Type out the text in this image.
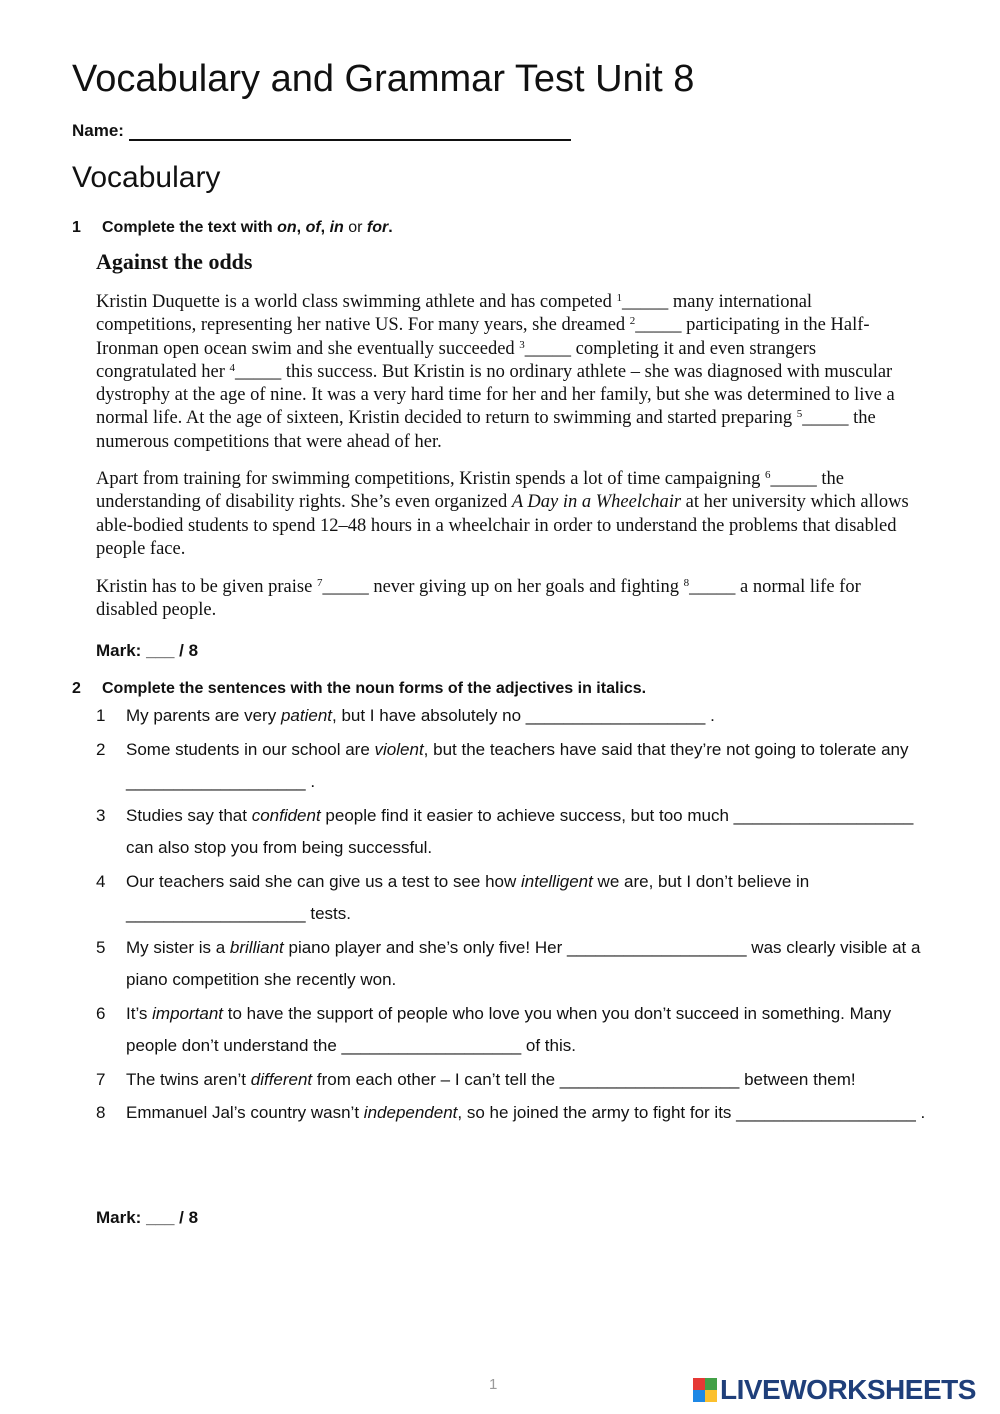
Vocabulary and Grammar Test Unit 8
Name:
Vocabulary
1 Complete the text with on, of, in or for.
Against the odds
Kristin Duquette is a world class swimming athlete and has competed $^1$_____ many international competitions, representing her native US. For many years, she dreamed $^2$_____ participating in the Half-Ironman open ocean swim and she eventually succeeded $^3$_____ completing it and even strangers congratulated her $^4$_____ this success. But Kristin is no ordinary athlete – she was diagnosed with muscular dystrophy at the age of nine. It was a very hard time for her and her family, but she was determined to live a normal life. At the age of sixteen, Kristin decided to return to swimming and started preparing $^5$_____ the numerous competitions that were ahead of her.
Apart from training for swimming competitions, Kristin spends a lot of time campaigning $^6$_____ the understanding of disability rights. She’s even organized A Day in a Wheelchair at her university which allows able-bodied students to spend 12–48 hours in a wheelchair in order to understand the problems that disabled people face.
Kristin has to be given praise $^7$_____ never giving up on her goals and fighting $^8$_____ a normal life for disabled people.
Mark: ___ / 8
2 Complete the sentences with the noun forms of the adjectives in italics.
1 My parents are very patient, but I have absolutely no ___________________ .
2 Some students in our school are violent, but the teachers have said that they’re not going to tolerate any ___________________ .
3 Studies say that confident people find it easier to achieve success, but too much ___________________ can also stop you from being successful.
4 Our teachers said she can give us a test to see how intelligent we are, but I don’t believe in ___________________ tests.
5 My sister is a brilliant piano player and she’s only five! Her ___________________ was clearly visible at a piano competition she recently won.
6 It’s important to have the support of people who love you when you don’t succeed in something. Many people don’t understand the ___________________ of this.
7 The twins aren’t different from each other – I can’t tell the ___________________ between them!
8 Emmanuel Jal’s country wasn’t independent, so he joined the army to fight for its ___________________ .
Mark: ___ / 8
1	LIVEWORKSHEETS
